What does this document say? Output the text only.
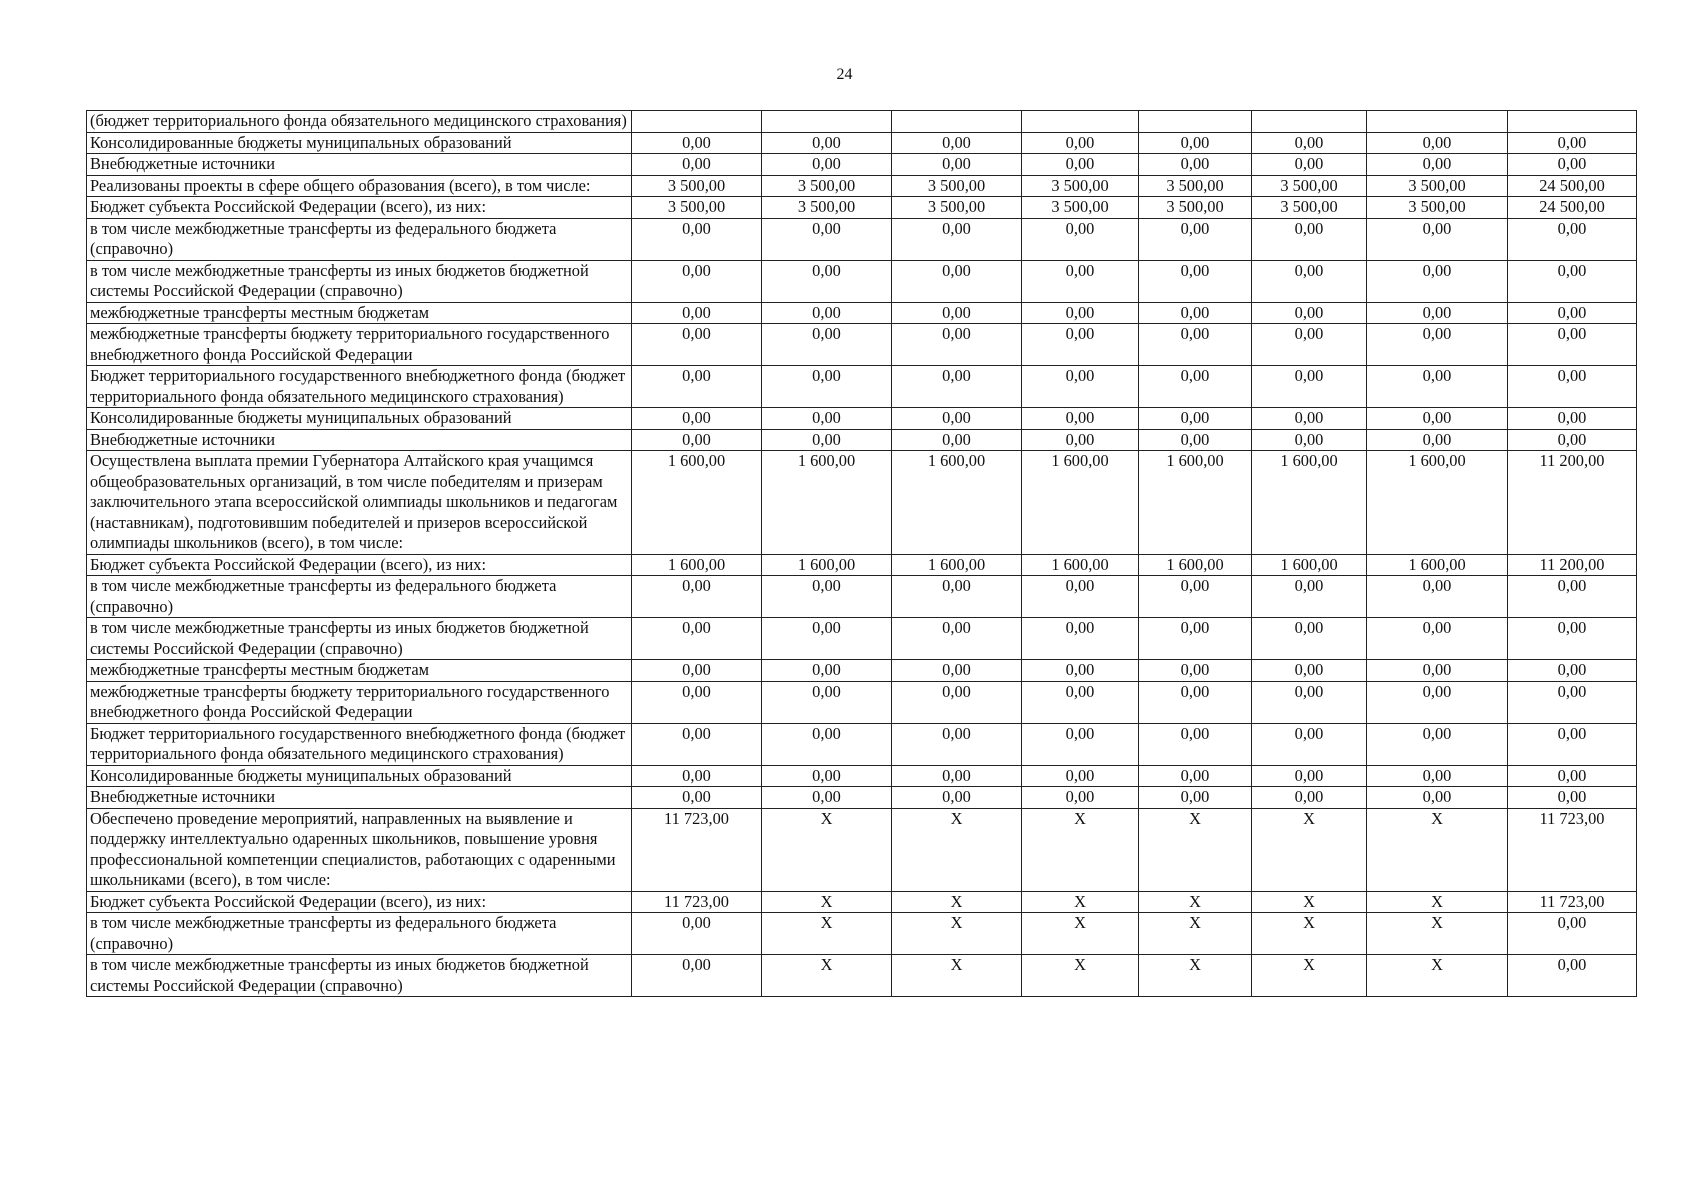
24
(бюджет территориального фонда обязательного медицинского страхования)								
Консолидированные бюджеты муниципальных образований	0,00	0,00	0,00	0,00	0,00	0,00	0,00	0,00
Внебюджетные источники	0,00	0,00	0,00	0,00	0,00	0,00	0,00	0,00
Реализованы проекты в сфере общего образования (всего), в том числе:	3 500,00	3 500,00	3 500,00	3 500,00	3 500,00	3 500,00	3 500,00	24 500,00
Бюджет субъекта Российской Федерации (всего), из них:	3 500,00	3 500,00	3 500,00	3 500,00	3 500,00	3 500,00	3 500,00	24 500,00
в том числе межбюджетные трансферты из федерального бюджета (справочно)	0,00	0,00	0,00	0,00	0,00	0,00	0,00	0,00
в том числе межбюджетные трансферты из иных бюджетов бюджетной системы Российской Федерации (справочно)	0,00	0,00	0,00	0,00	0,00	0,00	0,00	0,00
межбюджетные трансферты местным бюджетам	0,00	0,00	0,00	0,00	0,00	0,00	0,00	0,00
межбюджетные трансферты бюджету территориального государственного внебюджетного фонда Российской Федерации	0,00	0,00	0,00	0,00	0,00	0,00	0,00	0,00
Бюджет территориального государственного внебюджетного фонда (бюджет территориального фонда обязательного медицинского страхования)	0,00	0,00	0,00	0,00	0,00	0,00	0,00	0,00
Консолидированные бюджеты муниципальных образований	0,00	0,00	0,00	0,00	0,00	0,00	0,00	0,00
Внебюджетные источники	0,00	0,00	0,00	0,00	0,00	0,00	0,00	0,00
Осуществлена выплата премии Губернатора Алтайского края учащимся общеобразовательных организаций, в том числе победителям и призерам заключительного этапа всероссийской олимпиады школьников и педагогам (наставникам), подготовившим победителей и призеров всероссийской олимпиады школьников (всего), в том числе:	1 600,00	1 600,00	1 600,00	1 600,00	1 600,00	1 600,00	1 600,00	11 200,00
Бюджет субъекта Российской Федерации (всего), из них:	1 600,00	1 600,00	1 600,00	1 600,00	1 600,00	1 600,00	1 600,00	11 200,00
в том числе межбюджетные трансферты из федерального бюджета (справочно)	0,00	0,00	0,00	0,00	0,00	0,00	0,00	0,00
в том числе межбюджетные трансферты из иных бюджетов бюджетной системы Российской Федерации (справочно)	0,00	0,00	0,00	0,00	0,00	0,00	0,00	0,00
межбюджетные трансферты местным бюджетам	0,00	0,00	0,00	0,00	0,00	0,00	0,00	0,00
межбюджетные трансферты бюджету территориального государственного внебюджетного фонда Российской Федерации	0,00	0,00	0,00	0,00	0,00	0,00	0,00	0,00
Бюджет территориального государственного внебюджетного фонда (бюджет территориального фонда обязательного медицинского страхования)	0,00	0,00	0,00	0,00	0,00	0,00	0,00	0,00
Консолидированные бюджеты муниципальных образований	0,00	0,00	0,00	0,00	0,00	0,00	0,00	0,00
Внебюджетные источники	0,00	0,00	0,00	0,00	0,00	0,00	0,00	0,00
Обеспечено проведение мероприятий, направленных на выявление и поддержку интеллектуально одаренных школьников, повышение уровня профессиональной компетенции специалистов, работающих с одаренными школьниками (всего), в том числе:	11 723,00	X	X	X	X	X	X	11 723,00
Бюджет субъекта Российской Федерации (всего), из них:	11 723,00	X	X	X	X	X	X	11 723,00
в том числе межбюджетные трансферты из федерального бюджета (справочно)	0,00	X	X	X	X	X	X	0,00
в том числе межбюджетные трансферты из иных бюджетов бюджетной системы Российской Федерации (справочно)	0,00	X	X	X	X	X	X	0,00
